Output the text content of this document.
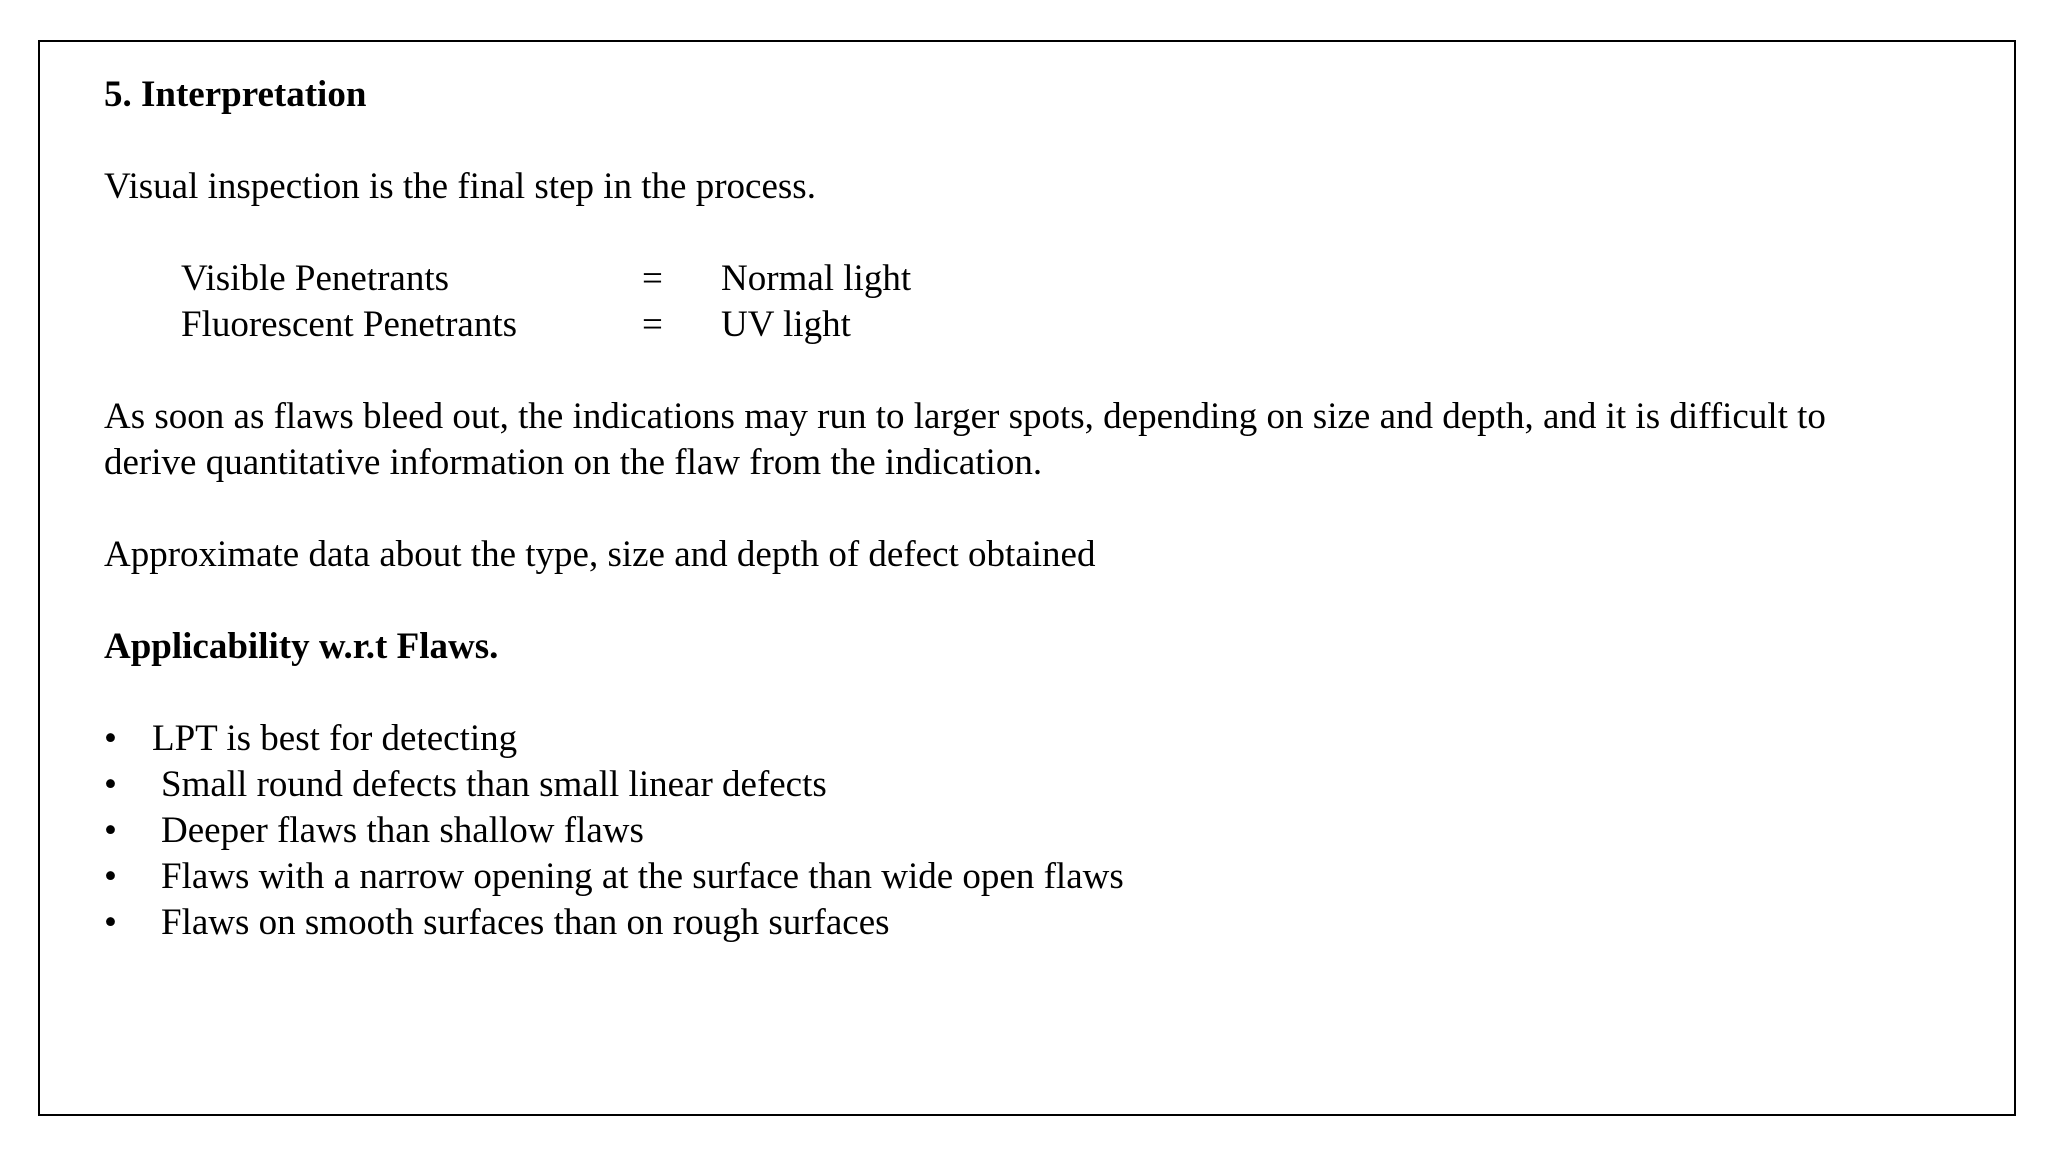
5. Interpretation
Visual inspection is the final step in the process.
Visible Penetrants	= Normal light
Fluorescent Penetrants	= UV light
As soon as flaws bleed out, the indications may run to larger spots, depending on size and depth, and it is difficult to
derive quantitative information on the flaw from the indication.
Approximate data about the type, size and depth of defect obtained
Applicability w.r.t Flaws.
• LPT is best for detecting
• Small round defects than small linear defects
• Deeper flaws than shallow flaws
• Flaws with a narrow opening at the surface than wide open flaws
• Flaws on smooth surfaces than on rough surfaces
